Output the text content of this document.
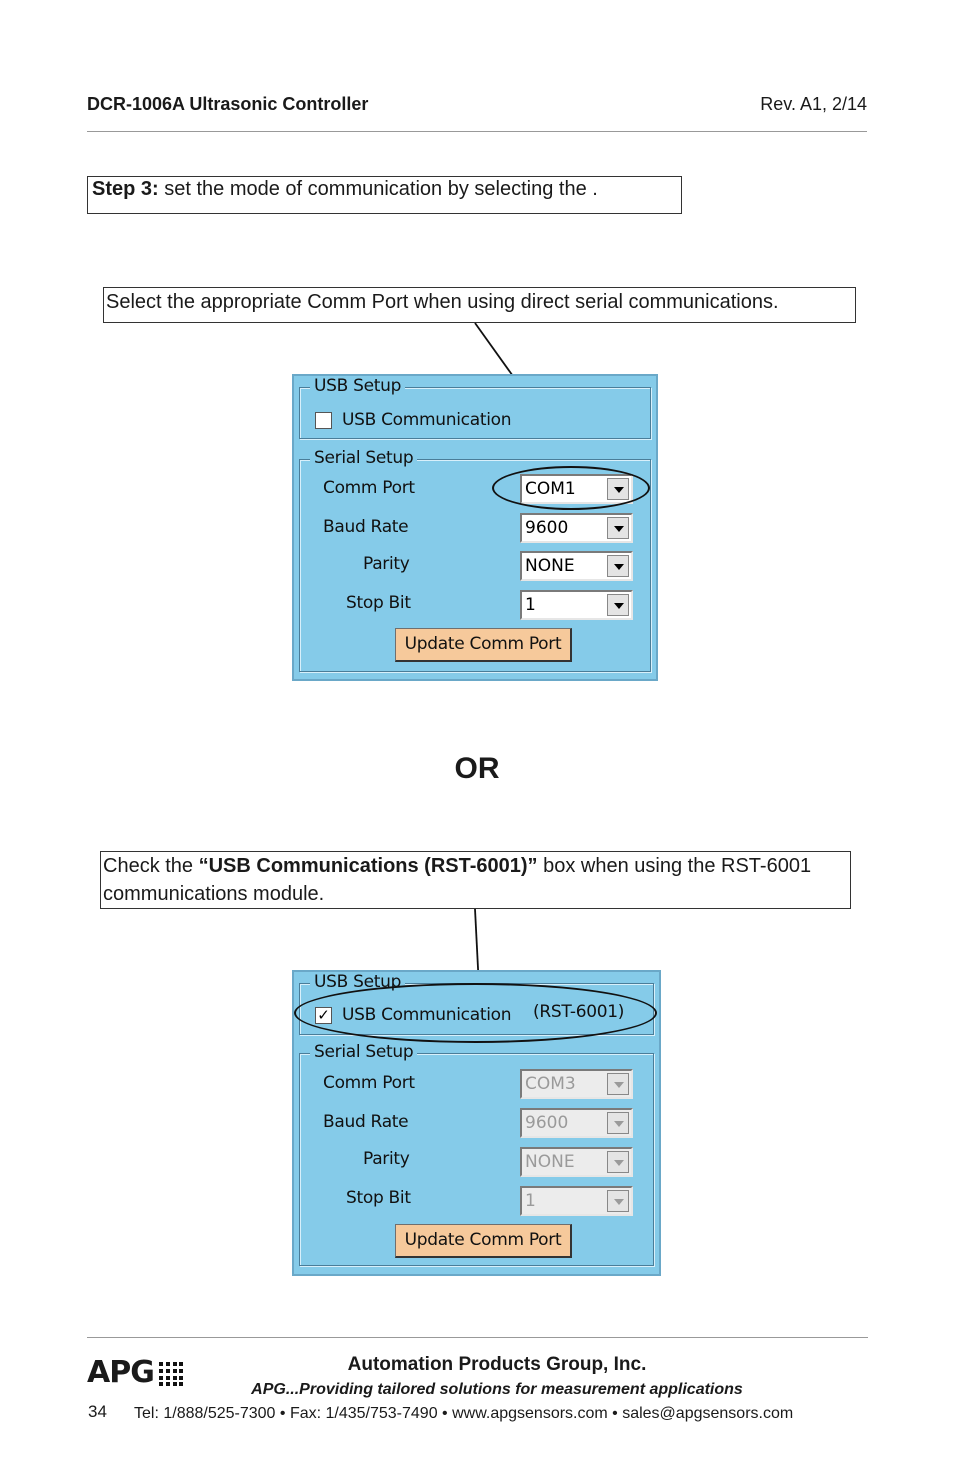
DCR-1006A Ultrasonic Controller	Rev. A1, 2/14
Step 3: set the mode of communication by selecting the .
Select the appropriate Comm Port when using direct serial communications.
USB Setup
USB Communication
Serial Setup
Comm Port	COM1
Baud Rate	9600
Parity	NONE
Stop Bit	1
Update Comm Port
OR
Check the “USB Communications (RST-6001)” box when using the RST-6001 communications module.
USB Setup
✓ USB Communication (RST-6001)
Serial Setup
Comm Port	COM3
Baud Rate	9600
Parity	NONE
Stop Bit	1
Update Comm Port
APG	Automation Products Group, Inc.
APG...Providing tailored solutions for measurement applications
34 Tel: 1/888/525-7300 • Fax: 1/435/753-7490 • www.apgsensors.com • sales@apgsensors.com
